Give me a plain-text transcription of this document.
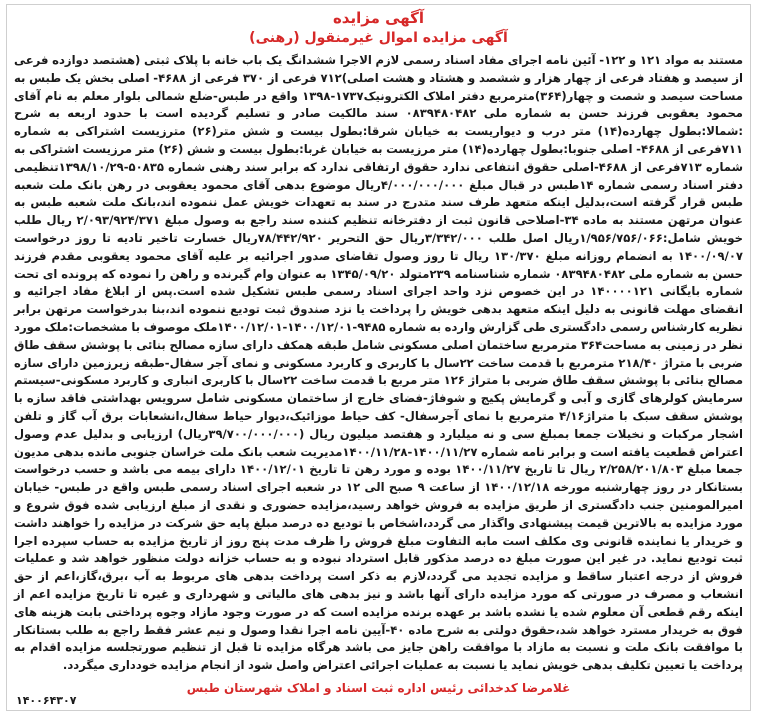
آگهی مزایده
آگهی مزایده اموال غیرمنقول (رهنی)

مستند به مواد ۱۲۱ و ۱۲۲- آئین نامه اجرای مفاد اسناد رسمی لازم الاجرا ششدانگ یک باب خانه با پلاک ثبتی (هشتصد دوازده فرعی از سیصد و هفتاد فرعی از چهار هزار و ششصد و هشتاد و هشت اصلی)۷۱۲ فرعی از ۳۷۰ فرعی از ۴۶۸۸- اصلی بخش یک طبس به مساحت سیصد و شصت و چهار(۳۶۴)مترمربع دفتر املاک الکترونیک۱۷۳۷-۱۳۹۸ واقع در طبس-ضلع شمالی بلوار معلم به نام آقای محمود یعقوبی فرزند حسن به شماره ملی ۰۸۳۹۴۸۰۴۸۲ سند مالکیت صادر و تسلیم گردیده است با حدود اربعه به شرح :شمالا:بطول چهارده(۱۴) متر درب و دیواریست به خیابان شرقا:بطول بیست و شش متر(۲۶) مترزیست اشتراکی به شماره ۷۱۱فرعی از ۴۶۸۸- اصلی جنوبا:بطول چهارده(۱۴) متر مرزیست به خیابان غربا:بطول بیست و شش (۲۶) متر مرزیست اشتراکی به شماره ۷۱۳فرعی از ۴۶۸۸-اصلی حقوق انتفاعی ندارد حقوق ارتفاقی ندارد که برابر سند رهنی شماره ۵۰۸۳۵-۱۳۹۸/۱۰/۲۹تنظیمی دفتر اسناد رسمی شماره ۱۴طبس در قبال مبلغ ۴/۰۰۰/۰۰۰/۰۰۰ریال موضوع بدهی آقای محمود یعقوبی در رهن بانک ملت شعبه طبس قرار گرفته است،بدلیل اینکه متعهد طرف سند متدرج در سند به تعهدات خویش عمل ننموده اند،بانک ملت شعبه طبس به عنوان مرتهن مستند به ماده ۳۴-اصلاحی قانون ثبت از دفترخانه تنظیم کننده سند راجع به وصول مبلغ ۲/۰۹۳/۹۲۴/۳۷۱ ریال طلب خویش شامل:۱/۹۵۶/۷۵۶/۰۶۶ریال اصل طلب ۳/۳۴۲/۰۰۰ریال حق التحریر ۷۸/۴۴۲/۹۲۰ریال خسارت تاخیر تادیه تا روز درخواست ۱۴۰۰/۰۹/۰۷ به انضمام روزانه مبلغ ۱۳۰/۳۷۰ ریال تا روز وصول تقاضای صدور اجرائیه بر علیه آقای محمود یعقوبی مقدم فرزند حسن به شماره ملی ۰۸۳۹۴۸۰۴۸۲ شماره شناسنامه ۲۳۹متولد ۱۳۴۵/۰۹/۲۰ به عنوان وام گیرنده و راهن را نموده که پرونده ای تحت شماره بایگانی ۱۴۰۰۰۰۱۲۱ در این خصوص نزد واحد اجرای اسناد رسمی طبس تشکیل شده است.پس از ابلاغ مفاد اجرائیه و انقضای مهلت قانونی به دلیل اینکه متعهد بدهی خویش را پرداخت یا نزد صندوق ثبت تودیع ننموده اند،بنا بدرخواست مرتهن برابر نظریه کارشناس رسمی دادگستری طی گزارش وارده به شماره ۹۴۸۵-۱۴۰۰/۱۲/۰۱-۱۴۰۰/۱۲/۰۱ملک موصوف با مشخصات:ملک مورد نظر در زمینی به مساحت۳۶۴ مترمربع ساختمان اصلی مسکونی شامل طبقه همکف دارای سازه مصالح بنائی با پوشش سقف طاق ضربی با متراژ ۲۱۸/۴۰ مترمربع با قدمت ساخت ۲۲سال با کاربری و کاربرد مسکونی و نمای آجر سفال-طبقه زیرزمین دارای سازه مصالح بنائی با پوشش سقف طاق ضربی با متراژ ۱۲۶ متر مربع با قدمت ساخت ۲۲سال با کاربری انباری و کاربرد مسکونی-سیستم سرمایش کولرهای گازی و آبی و گرمایش پکیج و شوفاژ-فضای خارج از ساختمان مسکونی شامل سرویس بهداشتی فاقد سازه با پوشش سقف سبک با متراژ۴/۱۶ مترمربع با نمای آجرسفال- کف حیاط موزائیک،دیوار حیاط سفال،انشعابات برق آب گاز و تلفن اشجار مرکبات و نخیلات جمعا بمبلغ سی و نه میلیارد و هفتصد میلیون ریال (۳۹/۷۰۰/۰۰۰/۰۰۰ریال) ارزیابی و بدلیل عدم وصول اعتراض قطعیت یافته است و برابر نامه شماره ۱۴۰۰/۱۱/۲۷-۱۴۰۰/۱۱/۲۸مدیریت شعب بانک ملت خراسان جنوبی مانده بدهی مدیون جمعا مبلغ ۲/۲۵۸/۲۰۱/۸۰۳ ریال تا تاریخ ۱۴۰۰/۱۱/۲۷ بوده و مورد رهن تا تاریخ ۱۴۰۰/۱۲/۰۱ دارای بیمه می باشد و حسب درخواست بستانکار در روز چهارشنبه مورخه ۱۴۰۰/۱۲/۱۸ از ساعت ۹ صبح الی ۱۲ در شعبه اجرای اسناد رسمی طبس واقع در طبس- خیابان امیرالمومنین جنب دادگستری از طریق مزایده به فروش خواهد رسید،مزایده حضوری و نقدی از مبلغ ارزیابی شده فوق شروع و مورد مزایده به بالاترین قیمت پیشنهادی واگذار می گردد،اشخاص با تودیع ده درصد مبلغ پایه حق شرکت در مزایده را خواهند داشت و خریدار یا نماینده قانونی وی مکلف است مابه التفاوت مبلغ فروش را ظرف مدت پنج روز از تاریخ مزایده به حساب سپرده اجرا ثبت تودیع نماید. در غیر این صورت مبلغ ده درصد مذکور قابل استرداد نبوده و به حساب خزانه دولت منظور خواهد شد و عملیات فروش از درجه اعتبار ساقط و مزایده تجدید می گردد،لازم به ذکر است پرداخت بدهی های مربوط به آب ،برق،گاز،اعم از حق انشعاب و مصرف در صورتی که مورد مزایده دارای آنها باشد و نیز بدهی های مالیاتی و شهرداری و غیره تا تاریخ مزایده اعم از اینکه رقم قطعی آن معلوم شده یا نشده باشد بر عهده برنده مزایده است که در صورت وجود مازاد وجوه پرداختی بابت هزینه های فوق به خریدار مسترد خواهد شد،حقوق دولتی به شرح ماده ۴۰-آیین نامه اجرا نقدا وصول و نیم عشر فقط راجع به طلب بستانکار با موافقت بانک ملت و نسبت به مازاد با موافقت راهن جایز می باشد هرگاه مزایده تا قبل از تنظیم صورتجلسه مزایده اقدام به پرداخت یا تعیین تکلیف بدهی خویش نماید یا نسبت به عملیات اجرائی اعتراض واصل شود از انجام مزایده خودداری میگردد.

غلامرضا کدخدائی رئیس اداره ثبت اسناد و املاک شهرستان طبس
۱۴۰۰۶۴۳۰۷
